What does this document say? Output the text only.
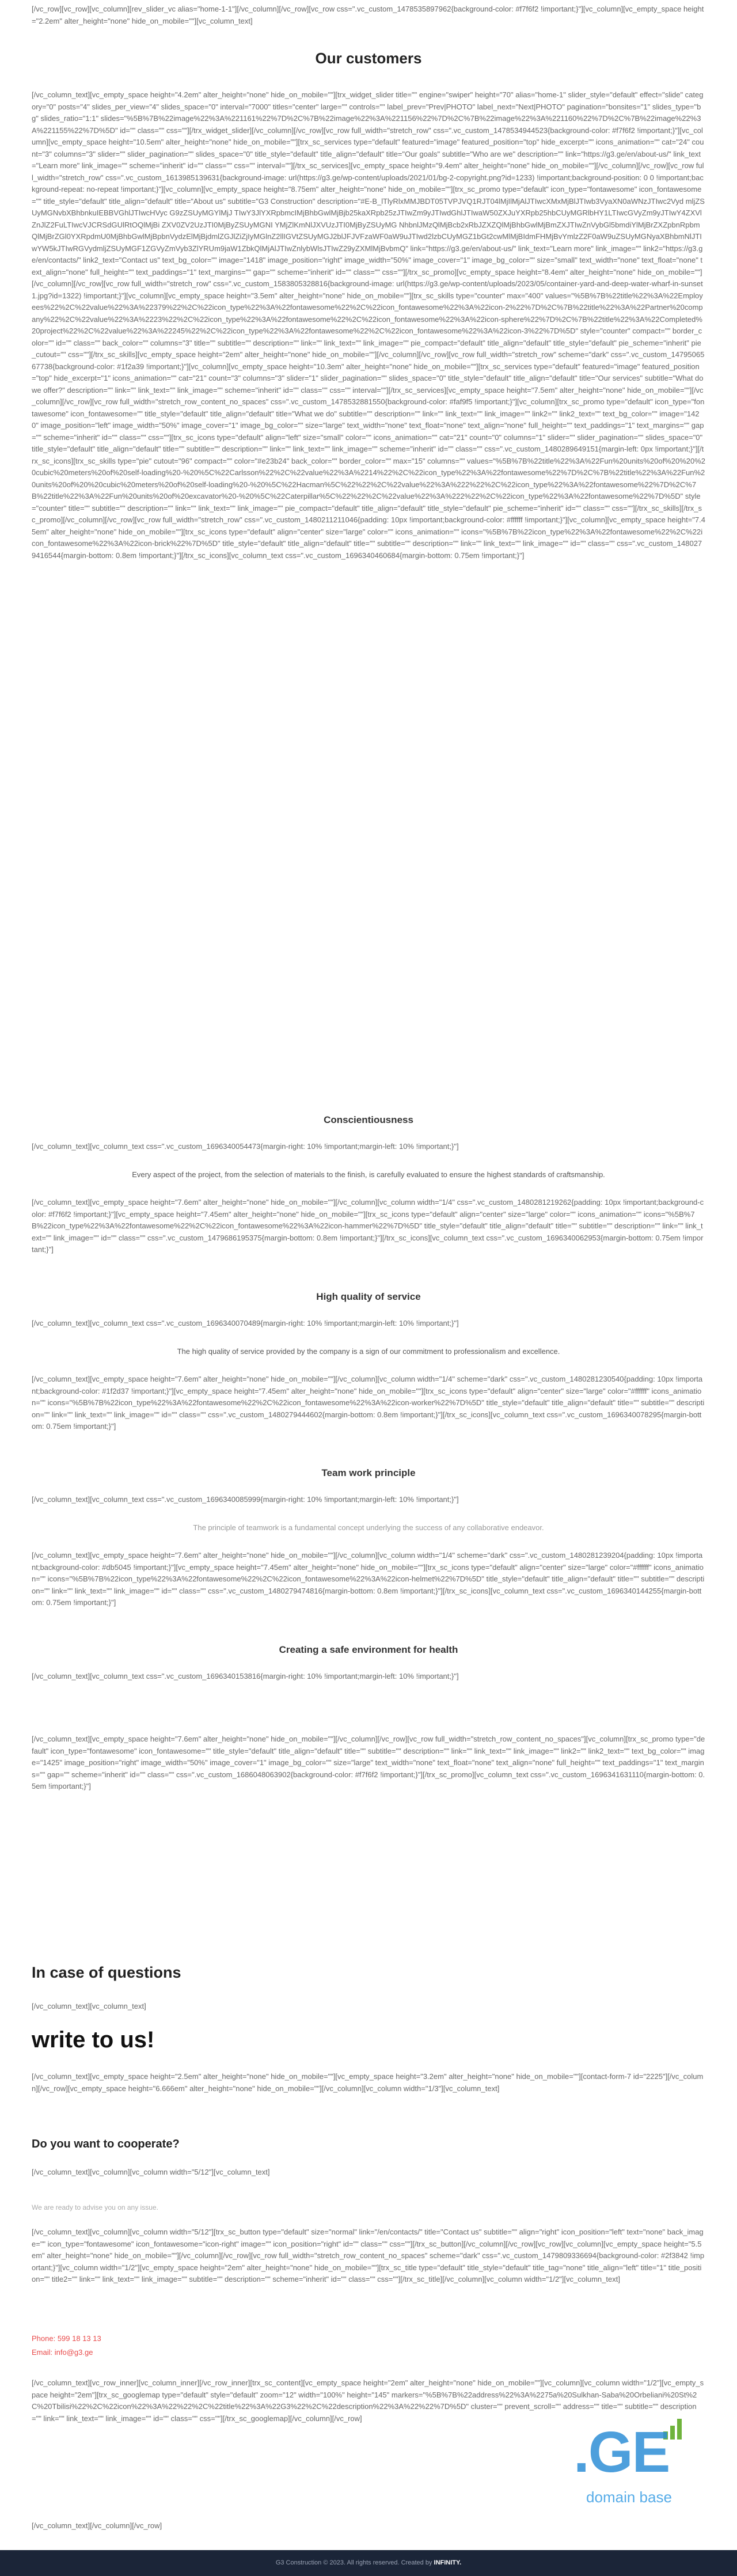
[/vc_row][vc_row][vc_column][rev_slider_vc alias="home-1-1"][/vc_column][/vc_row][vc_row css=".vc_custom_1478535897962{background-color: #f7f6f2 !important;}"][vc_column][vc_empty_space height="2.2em" alter_height="none" hide_on_mobile=""][vc_column_text]

Our customers

[/vc_column_text][vc_empty_space height="4.2em" alter_height="none" hide_on_mobile=""][trx_widget_slider title="" engine="swiper" height="70" alias="home-1" slider_style="default" effect="slide" category="0" posts="4" slides_per_view="4" slides_space="0" interval="7000" titles="center" large="" controls="" label_prev="Prev|PHOTO" label_next="Next|PHOTO" pagination="bonsites="1" slides_type="bg" slides_ratio="1:1" slides="%5B%7B%22image%22%3A%221161%22%7D%2C%7B%22image%22%3A%221156%22%7D%2C%7B%22image%22%3A%221160%22%7D%2C%7B%22image%22%3A%221155%22%7D%5D" id="" class="" css=""][/trx_widget_slider][/vc_column][/vc_row][vc_row full_width="stretch_row" css=".vc_custom_1478534944523{background-color: #f7f6f2 !important;}"][vc_column][vc_empty_space height="10.5em" alter_height="none" hide_on_mobile=""][trx_sc_services type="default" featured="image" featured_position="top" hide_excerpt="" icons_animation="" cat="24" count="3" columns="3" slider="" slider_pagination="" slides_space="0" title_style="default" title_align="default" title="Our goals" subtitle="Who are we" description="" link="https://g3.ge/en/about-us/" link_text="Learn more" link_image="" scheme="inherit" id="" class="" css="" interval=""][/trx_sc_services][vc_empty_space height="9.4em" alter_height="none" hide_on_mobile=""][/vc_column][/vc_row][vc_row full_width="stretch_row" css=".vc_custom_1613985139631{background-image: url(https://g3.ge/wp-content/uploads/2021/01/bg-2-copyright.png?id=1233) !important;background-position: 0 0 !important;background-repeat: no-repeat !important;}"][vc_column][vc_empty_space height="8.75em" alter_height="none" hide_on_mobile=""][trx_sc_promo type="default" icon_type="fontawesome" icon_fontawesome="" title_style="default" title_align="default" title="About us" subtitle="G3 Construction" description="#E-B_lTlyRlxMMJBDT05TVPJVQ1RJT04lMjIlMjAlJTIwcXMxMjBlJTIwb3VyaXN0aWNzJTIwc2Vyd mljZSUyMGNvbXBhbnkuIEBBVGhlJTIwcHVyc G9zZSUyMGYlMjJ TIwY3JlYXRpbmcIMjBhbGwlMjBjb25kaXRpb25zJTIwZm9yJTIwdGhlJTIwaW50ZXJuYXRpb25hbCUyMGRlbHY1LTIwcGVyZm9yJTIwY4ZXVlZnJlZ2FuLTIwcVJCRSdGUlRtOQlMjBi ZXV0ZV2UzJTI0MjByZSUyMGNI YMjZlKmNlJXVUzJTI0MjByZSUyMG NhbnlJMzQlMjBcb2xRbJZXZQlMjBhbGwlMjBmZXJTIwZnVybGl5bmdiYlMjBrZXZpbnRpbmQlMjBrZGl0YXRpdmU0MjBhbGwlMjBpbnVydzElMjBjdmlZGJlZiZjIyMGlnZ2llIGVtZSUyMGJ2blJFJVFzaWF0aW9uJTIwd2lzbCUyMGZ1bGt2cwMlMjBIdmFHMjBvYmlzZ2F0aW9uZSUyMGNyaXBhbmNlJTIwYW5kJTIwRGVydmljZSUyMGF1ZGVyZmVyb3ZlYRUm9jaW1ZbkQlMjAlJTIwZnlybWlsJTIwZ29yZXMlMjBvbmQ" link="https://g3.ge/en/about-us/" link_text="Learn more" link_image="" link2="https://g3.ge/en/contacts/" link2_text="Contact us" text_bg_color="" image="1418" image_position="right" image_width="50%" image_cover="1" image_bg_color="" size="small" text_width="none" text_float="none" text_align="none" full_height="" text_paddings="1" text_margins="" gap="" scheme="inherit" id="" class="" css=""][/trx_sc_promo][vc_empty_space height="8.4em" alter_height="none" hide_on_mobile=""][/vc_column][/vc_row][vc_row full_width="stretch_row" css=".vc_custom_1583805328816{background-image: url(https://g3.ge/wp-content/uploads/2023/05/container-yard-and-deep-water-wharf-in-sunset1.jpg?id=1322) !important;}"][vc_column][vc_empty_space height="3.5em" alter_height="none" hide_on_mobile=""][trx_sc_skills type="counter" max="400" values="%5B%7B%22title%22%3A%22Employees%22%2C%22value%22%3A%22379%22%2C%22icon_type%22%3A%22fontawesome%22%2C%22icon_fontawesome%22%3A%22icon-2%22%7D%2C%7B%22title%22%3A%22Partner%20company%22%2C%22value%22%3A%2223%22%2C%22icon_type%22%3A%22fontawesome%22%2C%22icon_fontawesome%22%3A%22icon-sphere%22%7D%2C%7B%22title%22%3A%22Completed%20project%22%2C%22value%22%3A%22245%22%2C%22icon_type%22%3A%22fontawesome%22%2C%22icon_fontawesome%22%3A%22icon-3%22%7D%5D" style="counter" compact="" border_color="" id="" class="" back_color="" columns="3" title="" subtitle="" description="" link="" link_text="" link_image="" pie_compact="default" title_align="default" title_style="default" pie_scheme="inherit" pie_cutout="" css=""][/trx_sc_skills][vc_empty_space height="2em" alter_height="none" hide_on_mobile=""][/vc_column][/vc_row][vc_row full_width="stretch_row" scheme="dark" css=".vc_custom_1479506567738{background-color: #1f2a39 !important;}"][vc_column][vc_empty_space height="10.3em" alter_height="none" hide_on_mobile=""][trx_sc_services type="default" featured="image" featured_position="top" hide_excerpt="1" icons_animation="" cat="21" count="3" columns="3" slider="1" slider_pagination="" slides_space="0" title_style="default" title_align="default" title="Our services" subtitle="What do we offer?" description="" link="" link_text="" link_image="" scheme="inherit" id="" class="" css="" interval=""][/trx_sc_services][vc_empty_space height="7.5em" alter_height="none" hide_on_mobile=""][/vc_column][/vc_row][vc_row full_width="stretch_row_content_no_spaces" css=".vc_custom_1478532881550{background-color: #faf9f5 !important;}"][vc_column][trx_sc_promo type="default" icon_type="fontawesome" icon_fontawesome="" title_style="default" title_align="default" title="What we do" subtitle="" description="" link="" link_text="" link_image="" link2="" link2_text="" text_bg_color="" image="1420" image_position="left" image_width="50%" image_cover="1" image_bg_color="" size="large" text_width="none" text_float="none" text_align="none" full_height="" text_paddings="1" text_margins="" gap="" scheme="inherit" id="" class="" css=""][trx_sc_icons type="default" align="left" size="small" color="" icons_animation="" cat="21" count="0" columns="1" slider="" slider_pagination="" slides_space="0" title_style="default" title_align="default" title="" subtitle="" description="" link="" link_text="" link_image="" scheme="inherit" id="" class="" css=".vc_custom_1480289649151{margin-left: 0px !important;}"][/trx_sc_icons][trx_sc_skills type="pie" cutout="96" compact="" color="#e23b24" back_color="" border_color="" max="15" columns="" values="%5B%7B%22title%22%3A%22Fun%20units%20of%20%20%20cubic%20meters%20of%20self-loading%20-%20%5C%22Carlsson%22%2C%22value%22%3A%2214%22%2C%22icon_type%22%3A%22fontawesome%22%7D%2C%7B%22title%22%3A%22Fun%20units%20of%20%20cubic%20meters%20of%20self-loading%20-%20%5C%22Hacman%5C%22%22%2C%22value%22%3A%222%22%2C%22icon_type%22%3A%22fontawesome%22%7D%2C%7B%22title%22%3A%22Fun%20units%20of%20excavator%20-%20%5C%22Caterpillar%5C%22%22%2C%22value%22%3A%222%22%2C%22icon_type%22%3A%22fontawesome%22%7D%5D" style="counter" title="" subtitle="" description="" link="" link_text="" link_image="" pie_compact="default" title_align="default" title_style="default" pie_scheme="inherit" id="" class="" css=""][/trx_sc_skills][/trx_sc_promo][/vc_column][/vc_row][vc_row full_width="stretch_row" css=".vc_custom_1480211211046{padding: 10px !important;background-color: #ffffff !important;}"][vc_column][vc_empty_space height="7.45em" alter_height="none" hide_on_mobile=""][trx_sc_icons type="default" align="center" size="large" color="" icons_animation="" icons="%5B%7B%22icon_type%22%3A%22fontawesome%22%2C%22icon_fontawesome%22%3A%22icon-brick%22%7D%5D" title_style="default" title_align="default" title="" subtitle="" description="" link="" link_text="" link_image="" id="" class="" css=".vc_custom_1480279416544{margin-bottom: 0.8em !important;}"][/trx_sc_icons][vc_column_text css=".vc_custom_1696340460684{margin-bottom: 0.75em !important;}"]

Conscientiousness

[/vc_column_text][vc_column_text css=".vc_custom_1696340054473{margin-right: 10% !important;margin-left: 10% !important;}"]

Every aspect of the project, from the selection of materials to the finish, is carefully evaluated to ensure the highest standards of craftsmanship.

[/vc_column_text][vc_empty_space height="7.6em" alter_height="none" hide_on_mobile=""][/vc_column][vc_column width="1/4" css=".vc_custom_1480281219262{padding: 10px !important;background-color: #f7f6f2 !important;}"][vc_empty_space height="7.45em" alter_height="none" hide_on_mobile=""][trx_sc_icons type="default" align="center" size="large" color="" icons_animation="" icons="%5B%7B%22icon_type%22%3A%22fontawesome%22%2C%22icon_fontawesome%22%3A%22icon-hammer%22%7D%5D" title_style="default" title_align="default" title="" subtitle="" description="" link="" link_text="" link_image="" id="" class="" css=".vc_custom_1479686195375{margin-bottom: 0.8em !important;}"][/trx_sc_icons][vc_column_text css=".vc_custom_1696340062953{margin-bottom: 0.75em !important;}"]

High quality of service

[/vc_column_text][vc_column_text css=".vc_custom_1696340070489{margin-right: 10% !important;margin-left: 10% !important;}"]

The high quality of service provided by the company is a sign of our commitment to professionalism and excellence.

[/vc_column_text][vc_empty_space height="7.6em" alter_height="none" hide_on_mobile=""][/vc_column][vc_column width="1/4" scheme="dark" css=".vc_custom_1480281230540{padding: 10px !important;background-color: #1f2d37 !important;}"][vc_empty_space height="7.45em" alter_height="none" hide_on_mobile=""][trx_sc_icons type="default" align="center" size="large" color="#ffffff" icons_animation="" icons="%5B%7B%22icon_type%22%3A%22fontawesome%22%2C%22icon_fontawesome%22%3A%22icon-worker%22%7D%5D" title_style="default" title_align="default" title="" subtitle="" description="" link="" link_text="" link_image="" id="" class="" css=".vc_custom_1480279444602{margin-bottom: 0.8em !important;}"][/trx_sc_icons][vc_column_text css=".vc_custom_1696340078295{margin-bottom: 0.75em !important;}"]

Team work principle

[/vc_column_text][vc_column_text css=".vc_custom_1696340085999{margin-right: 10% !important;margin-left: 10% !important;}"]

The principle of teamwork is a fundamental concept underlying the success of any collaborative endeavor.

[/vc_column_text][vc_empty_space height="7.6em" alter_height="none" hide_on_mobile=""][/vc_column][vc_column width="1/4" scheme="dark" css=".vc_custom_1480281239204{padding: 10px !important;background-color: #db5045 !important;}"][vc_empty_space height="7.45em" alter_height="none" hide_on_mobile=""][trx_sc_icons type="default" align="center" size="large" color="#ffffff" icons_animation="" icons="%5B%7B%22icon_type%22%3A%22fontawesome%22%2C%22icon_fontawesome%22%3A%22icon-helmet%22%7D%5D" title_style="default" title_align="default" title="" subtitle="" description="" link="" link_text="" link_image="" id="" class="" css=".vc_custom_1480279474816{margin-bottom: 0.8em !important;}"][/trx_sc_icons][vc_column_text css=".vc_custom_1696340144255{margin-bottom: 0.75em !important;}"]

Creating a safe environment for health

[/vc_column_text][vc_column_text css=".vc_custom_1696340153816{margin-right: 10% !important;margin-left: 10% !important;}"]

[/vc_column_text][vc_empty_space height="7.6em" alter_height="none" hide_on_mobile=""][/vc_column][/vc_row][vc_row full_width="stretch_row_content_no_spaces"][vc_column][trx_sc_promo type="default" icon_type="fontawesome" icon_fontawesome="" title_style="default" title_align="default" title="" subtitle="" description="" link="" link_text="" link_image="" link2="" link2_text="" text_bg_color="" image="1425" image_position="right" image_width="50%" image_cover="1" image_bg_color="" size="large" text_width="none" text_float="none" text_align="none" full_height="" text_paddings="1" text_margins="" gap="" scheme="inherit" id="" class="" css=".vc_custom_1686048063902{background-color: #f7f6f2 !important;}"][/trx_sc_promo][vc_column_text css=".vc_custom_1696341631110{margin-bottom: 0.5em !important;}"]

In case of questions

[/vc_column_text][vc_column_text]

write to us!

[/vc_column_text][vc_empty_space height="2.5em" alter_height="none" hide_on_mobile=""][vc_empty_space height="3.2em" alter_height="none" hide_on_mobile=""][contact-form-7 id="2225"][/vc_column][/vc_row][vc_empty_space height="6.666em" alter_height="none" hide_on_mobile=""][/vc_column][vc_column width="1/3"][vc_column_text]

Do you want to cooperate?

[/vc_column_text][vc_column][vc_column width="5/12"][vc_column_text]

We are ready to advise you on any issue.

[/vc_column_text][vc_column][vc_column width="5/12"][trx_sc_button type="default" size="normal" link="/en/contacts/" title="Contact us" subtitle="" align="right" icon_position="left" text="none" back_image="" icon_type="fontawesome" icon_fontawesome="icon-right" image="" icon_position="right" id="" class="" css=""][/trx_sc_button][/vc_column][/vc_row][vc_row][vc_column][vc_empty_space height="5.5em" alter_height="none" hide_on_mobile=""][/vc_column][/vc_row][vc_row full_width="stretch_row_content_no_spaces" scheme="dark" css=".vc_custom_1479809336694{background-color: #2f3842 !important;}"][vc_column width="1/2"][vc_empty_space height="2em" alter_height="none" hide_on_mobile=""][trx_sc_title type="default" title_style="default" title_tag="none" title_align="left" title="1" title_position="" title2="" link="" link_text="" link_image="" subtitle="" description="" scheme="inherit" id="" class="" css=""][/trx_sc_title][/vc_column][vc_column width="1/2"][vc_column_text]

Phone: 599 18 13 13

Email: info@g3.ge

[/vc_column_text][vc_row_inner][vc_column_inner][/vc_row_inner][trx_sc_content][vc_empty_space height="2em" alter_height="none" hide_on_mobile=""][vc_column][vc_column width="1/2"][vc_empty_space height="2em"][trx_sc_googlemap type="default" style="default" zoom="12" width="100%" height="145" markers="%5B%7B%22address%22%3A%2275a%20Sulkhan-Saba%20Orbeliani%20St%2C%20Tbilisi%22%2C%22icon%22%3A%22%22%2C%22title%22%3A%22G3%22%2C%22description%22%3A%22%22%7D%5D" cluster="" prevent_scroll="" address="" title="" subtitle="" description="" link="" link_text="" link_image="" id="" class="" css=""][/trx_sc_googlemap][/vc_column][/vc_row]

[/vc_column_text][/vc_column][/vc_row]

.GE
domain base
G3 Construction © 2023. All rights reserved. Created by INFINITY.
